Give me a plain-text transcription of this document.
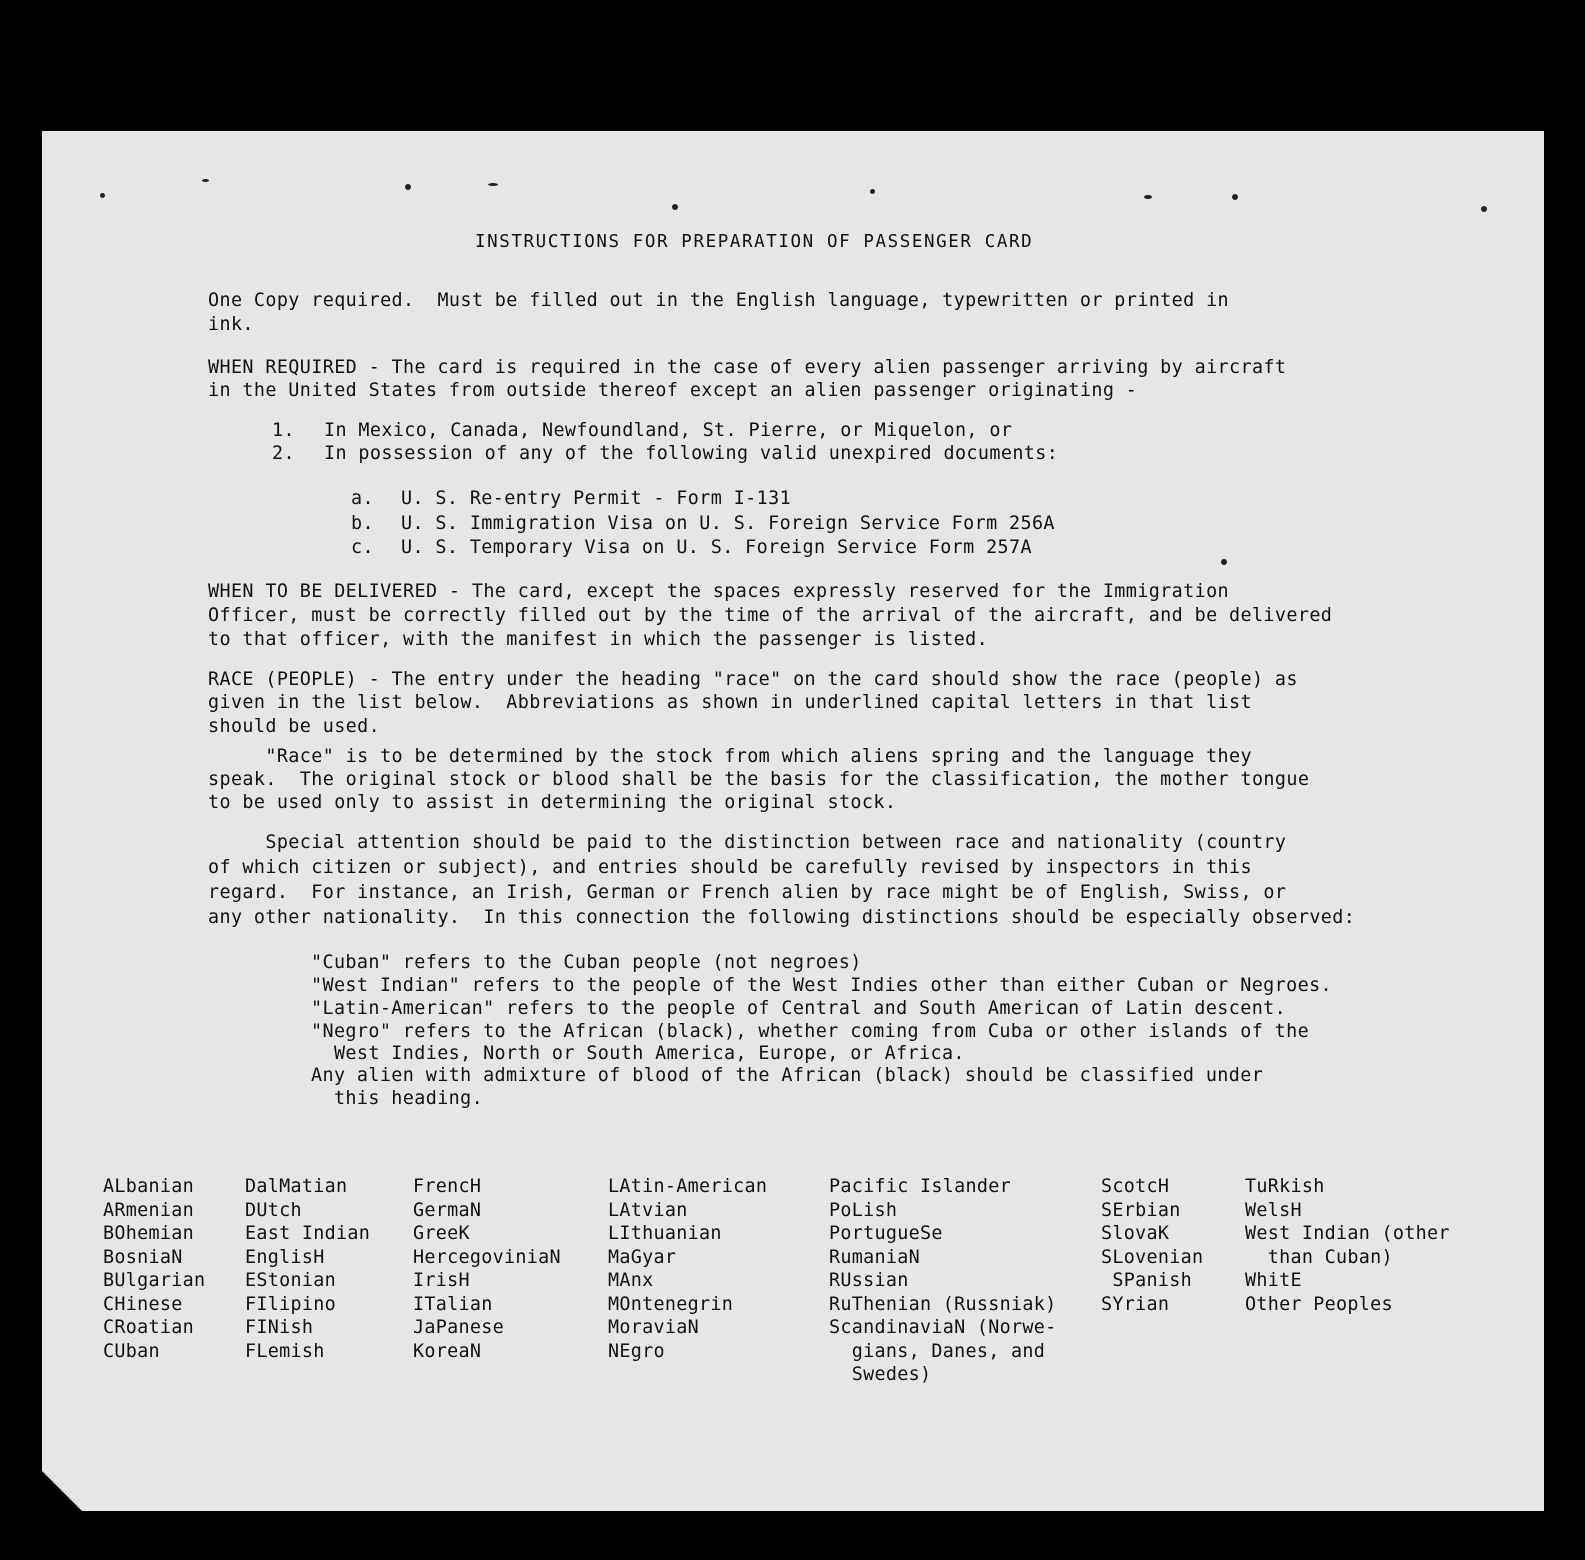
INSTRUCTIONS FOR PREPARATION OF PASSENGER CARD
One Copy required.  Must be filled out in the English language, typewritten or printed in
ink.
WHEN REQUIRED - The card is required in the case of every alien passenger arriving by aircraft
in the United States from outside thereof except an alien passenger originating -
1. In Mexico, Canada, Newfoundland, St. Pierre, or Miquelon, or
2. In possession of any of the following valid unexpired documents:
a. U. S. Re-entry Permit - Form I-131
b. U. S. Immigration Visa on U. S. Foreign Service Form 256A
c. U. S. Temporary Visa on U. S. Foreign Service Form 257A
WHEN TO BE DELIVERED - The card, except the spaces expressly reserved for the Immigration
Officer, must be correctly filled out by the time of the arrival of the aircraft, and be delivered
to that officer, with the manifest in which the passenger is listed.
RACE (PEOPLE) - The entry under the heading "race" on the card should show the race (people) as
given in the list below.  Abbreviations as shown in underlined capital letters in that list
should be used.
"Race" is to be determined by the stock from which aliens spring and the language they
speak.  The original stock or blood shall be the basis for the classification, the mother tongue
to be used only to assist in determining the original stock.
Special attention should be paid to the distinction between race and nationality (country
of which citizen or subject), and entries should be carefully revised by inspectors in this
regard.  For instance, an Irish, German or French alien by race might be of English, Swiss, or
any other nationality.  In this connection the following distinctions should be especially observed:
"Cuban" refers to the Cuban people (not negroes)
"West Indian" refers to the people of the West Indies other than either Cuban or Negroes.
"Latin-American" refers to the people of Central and South American of Latin descent.
"Negro" refers to the African (black), whether coming from Cuba or other islands of the
West Indies, North or South America, Europe, or Africa.
Any alien with admixture of blood of the African (black) should be classified under
this heading.
ALbanian
ARmenian
BOhemian
BosniaN
BUlgarian
CHinese
CRoatian
CUban
DalMatian
DUtch
East Indian
EnglisH
EStonian
FIlipino
FINish
FLemish
FrencH
GermaN
GreeK
HercegoviniaN
IrisH
ITalian
JaPanese
KoreaN
LAtin-American
LAtvian
LIthuanian
MaGyar
MAnx
MOntenegrin
MoraviaN
NEgro
Pacific Islander
PoLish
PortugueSe
RumaniaN
RUssian
RuThenian (Russniak)
ScandinaviaN (Norwe-
gians, Danes, and
Swedes)
ScotcH
SErbian
SlovaK
SLovenian
SPanish
SYrian
TuRkish
WelsH
West Indian (other
than Cuban)
WhitE
Other Peoples
